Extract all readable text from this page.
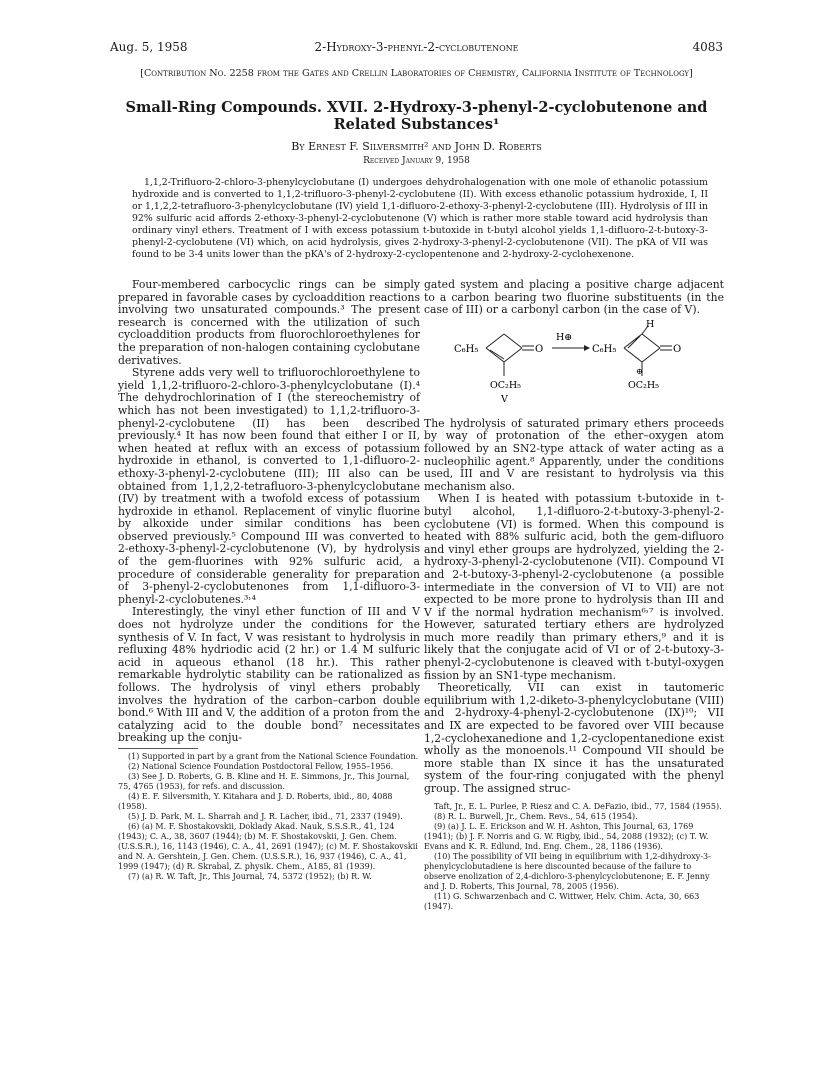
Aug. 5, 1958	2-Hydroxy-3-phenyl-2-cyclobutenone	4083
[Contribution No. 2258 from the Gates and Crellin Laboratories of Chemistry, California Institute of Technology]
Small-Ring Compounds. XVII. 2-Hydroxy-3-phenyl-2-cyclobutenone and Related Substances¹
By Ernest F. Silversmith² and John D. Roberts
Received January 9, 1958
1,1,2-Trifluoro-2-chloro-3-phenylcyclobutane (I) undergoes dehydrohalogenation with one mole of ethanolic potassium hydroxide and is converted to 1,1,2-trifluoro-3-phenyl-2-cyclobutene (II). With excess ethanolic potassium hydroxide, I, II or 1,1,2,2-tetrafluoro-3-phenylcyclobutane (IV) yield 1,1-difluoro-2-ethoxy-3-phenyl-2-cyclobutene (III). Hydrolysis of III in 92% sulfuric acid affords 2-ethoxy-3-phenyl-2-cyclobutenone (V) which is rather more stable toward acid hydrolysis than ordinary vinyl ethers. Treatment of I with excess potassium t-butoxide in t-butyl alcohol yields 1,1-difluoro-2-t-butoxy-3-phenyl-2-cyclobutene (VI) which, on acid hydrolysis, gives 2-hydroxy-3-phenyl-2-cyclobutenone (VII). The pKA of VII was found to be 3-4 units lower than the pKA's of 2-hydroxy-2-cyclopentenone and 2-hydroxy-2-cyclohexenone.

Four-membered carbocyclic rings can be simply prepared in favorable cases by cycloaddition reactions involving two unsaturated compounds.³ The present research is concerned with the utilization of such cycloaddition products from fluorochloroethylenes for the preparation of non-halogen containing cyclobutane derivatives.

Styrene adds very well to trifluorochloroethylene to yield 1,1,2-trifluoro-2-chloro-3-phenylcyclobutane (I).⁴ The dehydrochlorination of I (the stereochemistry of which has not been investigated) to 1,1,2-trifluoro-3-phenyl-2-cyclobutene (II) has been described previously.⁴ It has now been found that either I or II, when heated at reflux with an excess of potassium hydroxide in ethanol, is converted to 1,1-difluoro-2-ethoxy-3-phenyl-2-cyclobutene (III); III also can be obtained from 1,1,2,2-tetrafluoro-3-phenylcyclobutane (IV) by treatment with a twofold excess of potassium hydroxide in ethanol. Replacement of vinylic fluorine by alkoxide under similar conditions has been observed previously.⁵ Compound III was converted to 2-ethoxy-3-phenyl-2-cyclobutenone (V), by hydrolysis of the gem-fluorines with 92% sulfuric acid, a procedure of considerable generality for preparation of 3-phenyl-2-cyclobutenones from 1,1-difluoro-3-phenyl-2-cyclobutenes.³˒⁴

Interestingly, the vinyl ether function of III and V does not hydrolyze under the conditions for the synthesis of V. In fact, V was resistant to hydrolysis in refluxing 48% hydriodic acid (2 hr.) or 1.4 M sulfuric acid in aqueous ethanol (18 hr.). This rather remarkable hydrolytic stability can be rationalized as follows. The hydrolysis of vinyl ethers probably involves the hydration of the carbon–carbon double bond.⁶ With III and V, the addition of a proton from the catalyzing acid to the double bond⁷ necessitates breaking up the conju-

(1) Supported in part by a grant from the National Science Foundation.

(2) National Science Foundation Postdoctoral Fellow, 1955–1956.

(3) See J. D. Roberts, G. B. Kline and H. E. Simmons, Jr., This Journal, 75, 4765 (1953), for refs. and discussion.

(4) E. F. Silversmith, Y. Kitahara and J. D. Roberts, ibid., 80, 4088 (1958).

(5) J. D. Park, M. L. Sharrah and J. R. Lacher, ibid., 71, 2337 (1949).

(6) (a) M. F. Shostakovskii, Doklady Akad. Nauk, S.S.S.R., 41, 124 (1943); C. A., 38, 3607 (1944); (b) M. F. Shostakovskii, J. Gen. Chem. (U.S.S.R.), 16, 1143 (1946), C. A., 41, 2691 (1947); (c) M. F. Shostakovskii and N. A. Gershtein, J. Gen. Chem. (U.S.S.R.), 16, 937 (1946), C. A., 41, 1999 (1947); (d) R. Skrabal, Z. physik. Chem., A185, 81 (1939).

(7) (a) R. W. Taft, Jr., This Journal, 74, 5372 (1952); (b) R. W.

gated system and placing a positive charge adjacent to a carbon bearing two fluorine substituents (in the case of III) or a carbonyl carbon (in the case of V).

C₆H₅	O
OC₂H₅
V
H⊕
C₆H₅
H
O
⊕
OC₂H₅

The hydrolysis of saturated primary ethers proceeds by way of protonation of the ether–oxygen atom followed by an SN2-type attack of water acting as a nucleophilic agent.⁸ Apparently, under the conditions used, III and V are resistant to hydrolysis via this mechanism also.

When I is heated with potassium t-butoxide in t-butyl alcohol, 1,1-difluoro-2-t-butoxy-3-phenyl-2-cyclobutene (VI) is formed. When this compound is heated with 88% sulfuric acid, both the gem-difluoro and vinyl ether groups are hydrolyzed, yielding the 2-hydroxy-3-phenyl-2-cyclobutenone (VII). Compound VI and 2-t-butoxy-3-phenyl-2-cyclobutenone (a possible intermediate in the conversion of VI to VII) are not expected to be more prone to hydrolysis than III and V if the normal hydration mechanism⁶˒⁷ is involved. However, saturated tertiary ethers are hydrolyzed much more readily than primary ethers,⁹ and it is likely that the conjugate acid of VI or of 2-t-butoxy-3-phenyl-2-cyclobutenone is cleaved with t-butyl-oxygen fission by an SN1-type mechanism.

Theoretically, VII can exist in tautomeric equilibrium with 1,2-diketo-3-phenylcyclobutane (VIII) and 2-hydroxy-4-phenyl-2-cyclobutenone (IX)¹⁰; VII and IX are expected to be favored over VIII because 1,2-cyclohexanedione and 1,2-cyclopentanedione exist wholly as the monoenols.¹¹ Compound VII should be more stable than IX since it has the unsaturated system of the four-ring conjugated with the phenyl group. The assigned struc-

Taft, Jr., E. L. Purlee, P. Riesz and C. A. DeFazio, ibid., 77, 1584 (1955).

(8) R. L. Burwell, Jr., Chem. Revs., 54, 615 (1954).

(9) (a) J. L. E. Erickson and W. H. Ashton, This Journal, 63, 1769 (1941); (b) J. F. Norris and G. W. Rigby, ibid., 54, 2088 (1932); (c) T. W. Evans and K. R. Edlund, Ind. Eng. Chem., 28, 1186 (1936).

(10) The possibility of VII being in equilibrium with 1,2-dihydroxy-3-phenylcyclobutadiene is here discounted because of the failure to observe enolization of 2,4-dichloro-3-phenylcyclobutenone; E. F. Jenny and J. D. Roberts, This Journal, 78, 2005 (1956).

(11) G. Schwarzenbach and C. Wittwer, Helv. Chim. Acta, 30, 663 (1947).
